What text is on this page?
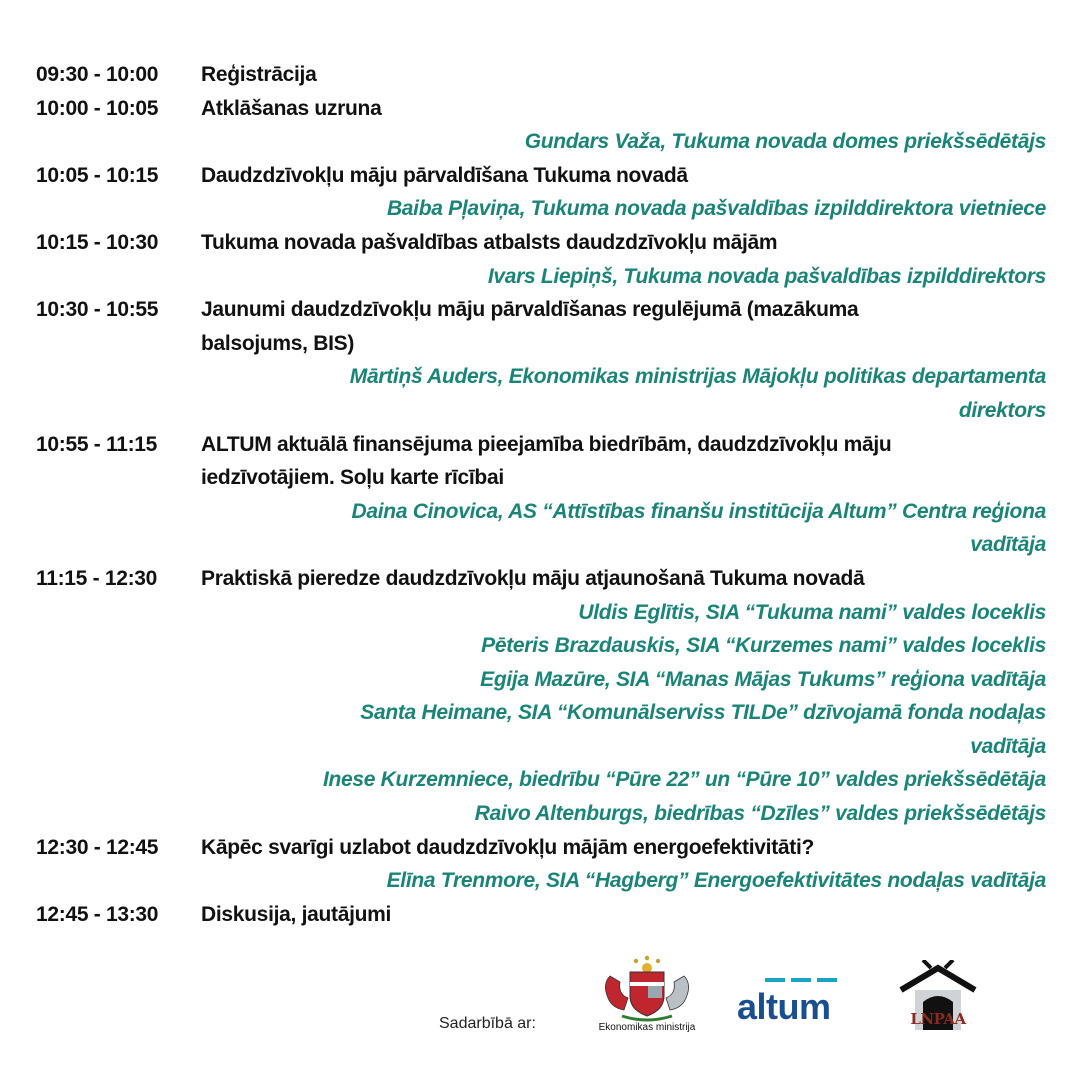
09:30 - 10:00	Reģistrācija
10:00 - 10:05	Atklāšanas uzruna
Gundars Važa, Tukuma novada domes priekšsēdētājs
10:05 - 10:15	Daudzdzīvokļu māju pārvaldīšana Tukuma novadā
Baiba Pļaviņa, Tukuma novada pašvaldības izpilddirektora vietniece
10:15 - 10:30	Tukuma novada pašvaldības atbalsts daudzdzīvokļu mājām
Ivars Liepiņš, Tukuma novada pašvaldības izpilddirektors
10:30 - 10:55	Jaunumi daudzdzīvokļu māju pārvaldīšanas regulējumā (mazākuma
balsojums, BIS)
Mārtiņš Auders, Ekonomikas ministrijas Mājokļu politikas departamenta
direktors
10:55 - 11:15	ALTUM aktuālā finansējuma pieejamība biedrībām, daudzdzīvokļu māju
iedzīvotājiem. Soļu karte rīcībai
Daina Cinovica, AS “Attīstības finanšu institūcija Altum” Centra reģiona
vadītāja
11:15 - 12:30	Praktiskā pieredze daudzdzīvokļu māju atjaunošanā Tukuma novadā
Uldis Eglītis, SIA “Tukuma nami” valdes loceklis
Pēteris Brazdauskis, SIA “Kurzemes nami” valdes loceklis
Egija Mazūre, SIA “Manas Mājas Tukums” reģiona vadītāja
Santa Heimane, SIA “Komunālserviss TILDe” dzīvojamā fonda nodaļas
vadītāja
Inese Kurzemniece, biedrību “Pūre 22” un “Pūre 10” valdes priekšsēdētāja
Raivo Altenburgs, biedrības “Dzīles” valdes priekšsēdētājs
12:30 - 12:45	Kāpēc svarīgi uzlabot daudzdzīvokļu mājām energoefektivitāti?
Elīna Trenmore, SIA “Hagberg” Energoefektivitātes nodaļas vadītāja
12:45 - 13:30	Diskusija, jautājumi
Sadarbībā ar:	Ekonomikas ministrija
altum	LNPAA
